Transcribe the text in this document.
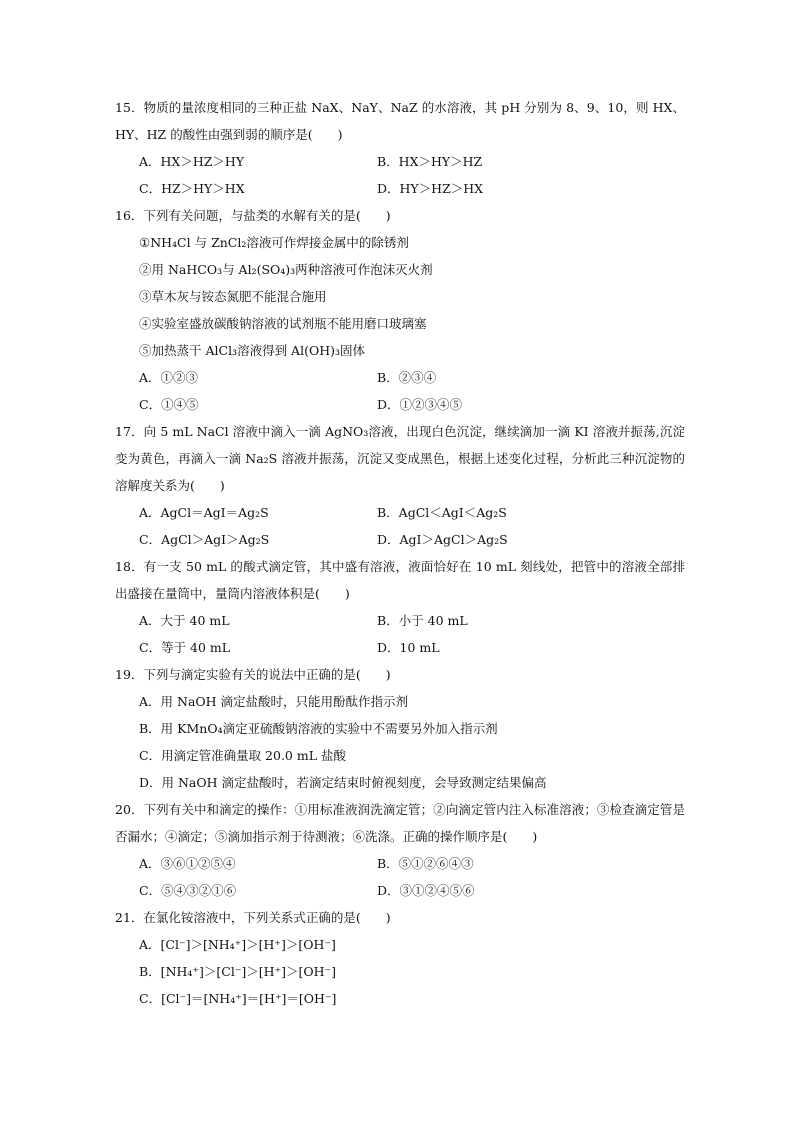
15．物质的量浓度相同的三种正盐 NaX、NaY、NaZ 的水溶液，其 pH 分别为 8、9、10，则 HX、HY、HZ 的酸性由强到弱的顺序是(　　)
A．HX＞HZ＞HY	B．HX＞HY＞HZ
C．HZ＞HY＞HX	D．HY＞HZ＞HX
16．下列有关问题，与盐类的水解有关的是(　　)
①NH₄Cl 与 ZnCl₂溶液可作焊接金属中的除锈剂
②用 NaHCO₃与 Al₂(SO₄)₃两种溶液可作泡沫灭火剂
③草木灰与铵态氮肥不能混合施用
④实验室盛放碳酸钠溶液的试剂瓶不能用磨口玻璃塞
⑤加热蒸干 AlCl₃溶液得到 Al(OH)₃固体
A．①②③	B．②③④
C．①④⑤	D．①②③④⑤
17．向 5 mL NaCl 溶液中滴入一滴 AgNO₃溶液，出现白色沉淀，继续滴加一滴 KI 溶液并振荡,沉淀变为黄色，再滴入一滴 Na₂S 溶液并振荡，沉淀又变成黑色，根据上述变化过程，分析此三种沉淀物的溶解度关系为(　　)
A．AgCl＝AgI＝Ag₂S	B．AgCl＜AgI＜Ag₂S
C．AgCl＞AgI＞Ag₂S	D．AgI＞AgCl＞Ag₂S
18．有一支 50 mL 的酸式滴定管，其中盛有溶液，液面恰好在 10 mL 刻线处，把管中的溶液全部排出盛接在量筒中，量筒内溶液体积是(　　)
A．大于 40 mL	B．小于 40 mL
C．等于 40 mL	D．10 mL
19．下列与滴定实验有关的说法中正确的是(　　)
A．用 NaOH 滴定盐酸时，只能用酚酞作指示剂
B．用 KMnO₄滴定亚硫酸钠溶液的实验中不需要另外加入指示剂
C．用滴定管准确量取 20.0 mL 盐酸
D．用 NaOH 滴定盐酸时，若滴定结束时俯视刻度，会导致测定结果偏高
20．下列有关中和滴定的操作：①用标准液润洗滴定管；②向滴定管内注入标准溶液；③检查滴定管是否漏水；④滴定；⑤滴加指示剂于待测液；⑥洗涤。正确的操作顺序是(　　)
A．③⑥①②⑤④	B．⑤①②⑥④③
C．⑤④③②①⑥	D．③①②④⑤⑥
21．在氯化铵溶液中，下列关系式正确的是(　　)
A．[Cl⁻]＞[NH₄⁺]＞[H⁺]＞[OH⁻]
B．[NH₄⁺]＞[Cl⁻]＞[H⁺]＞[OH⁻]
C．[Cl⁻]＝[NH₄⁺]＝[H⁺]＝[OH⁻]
